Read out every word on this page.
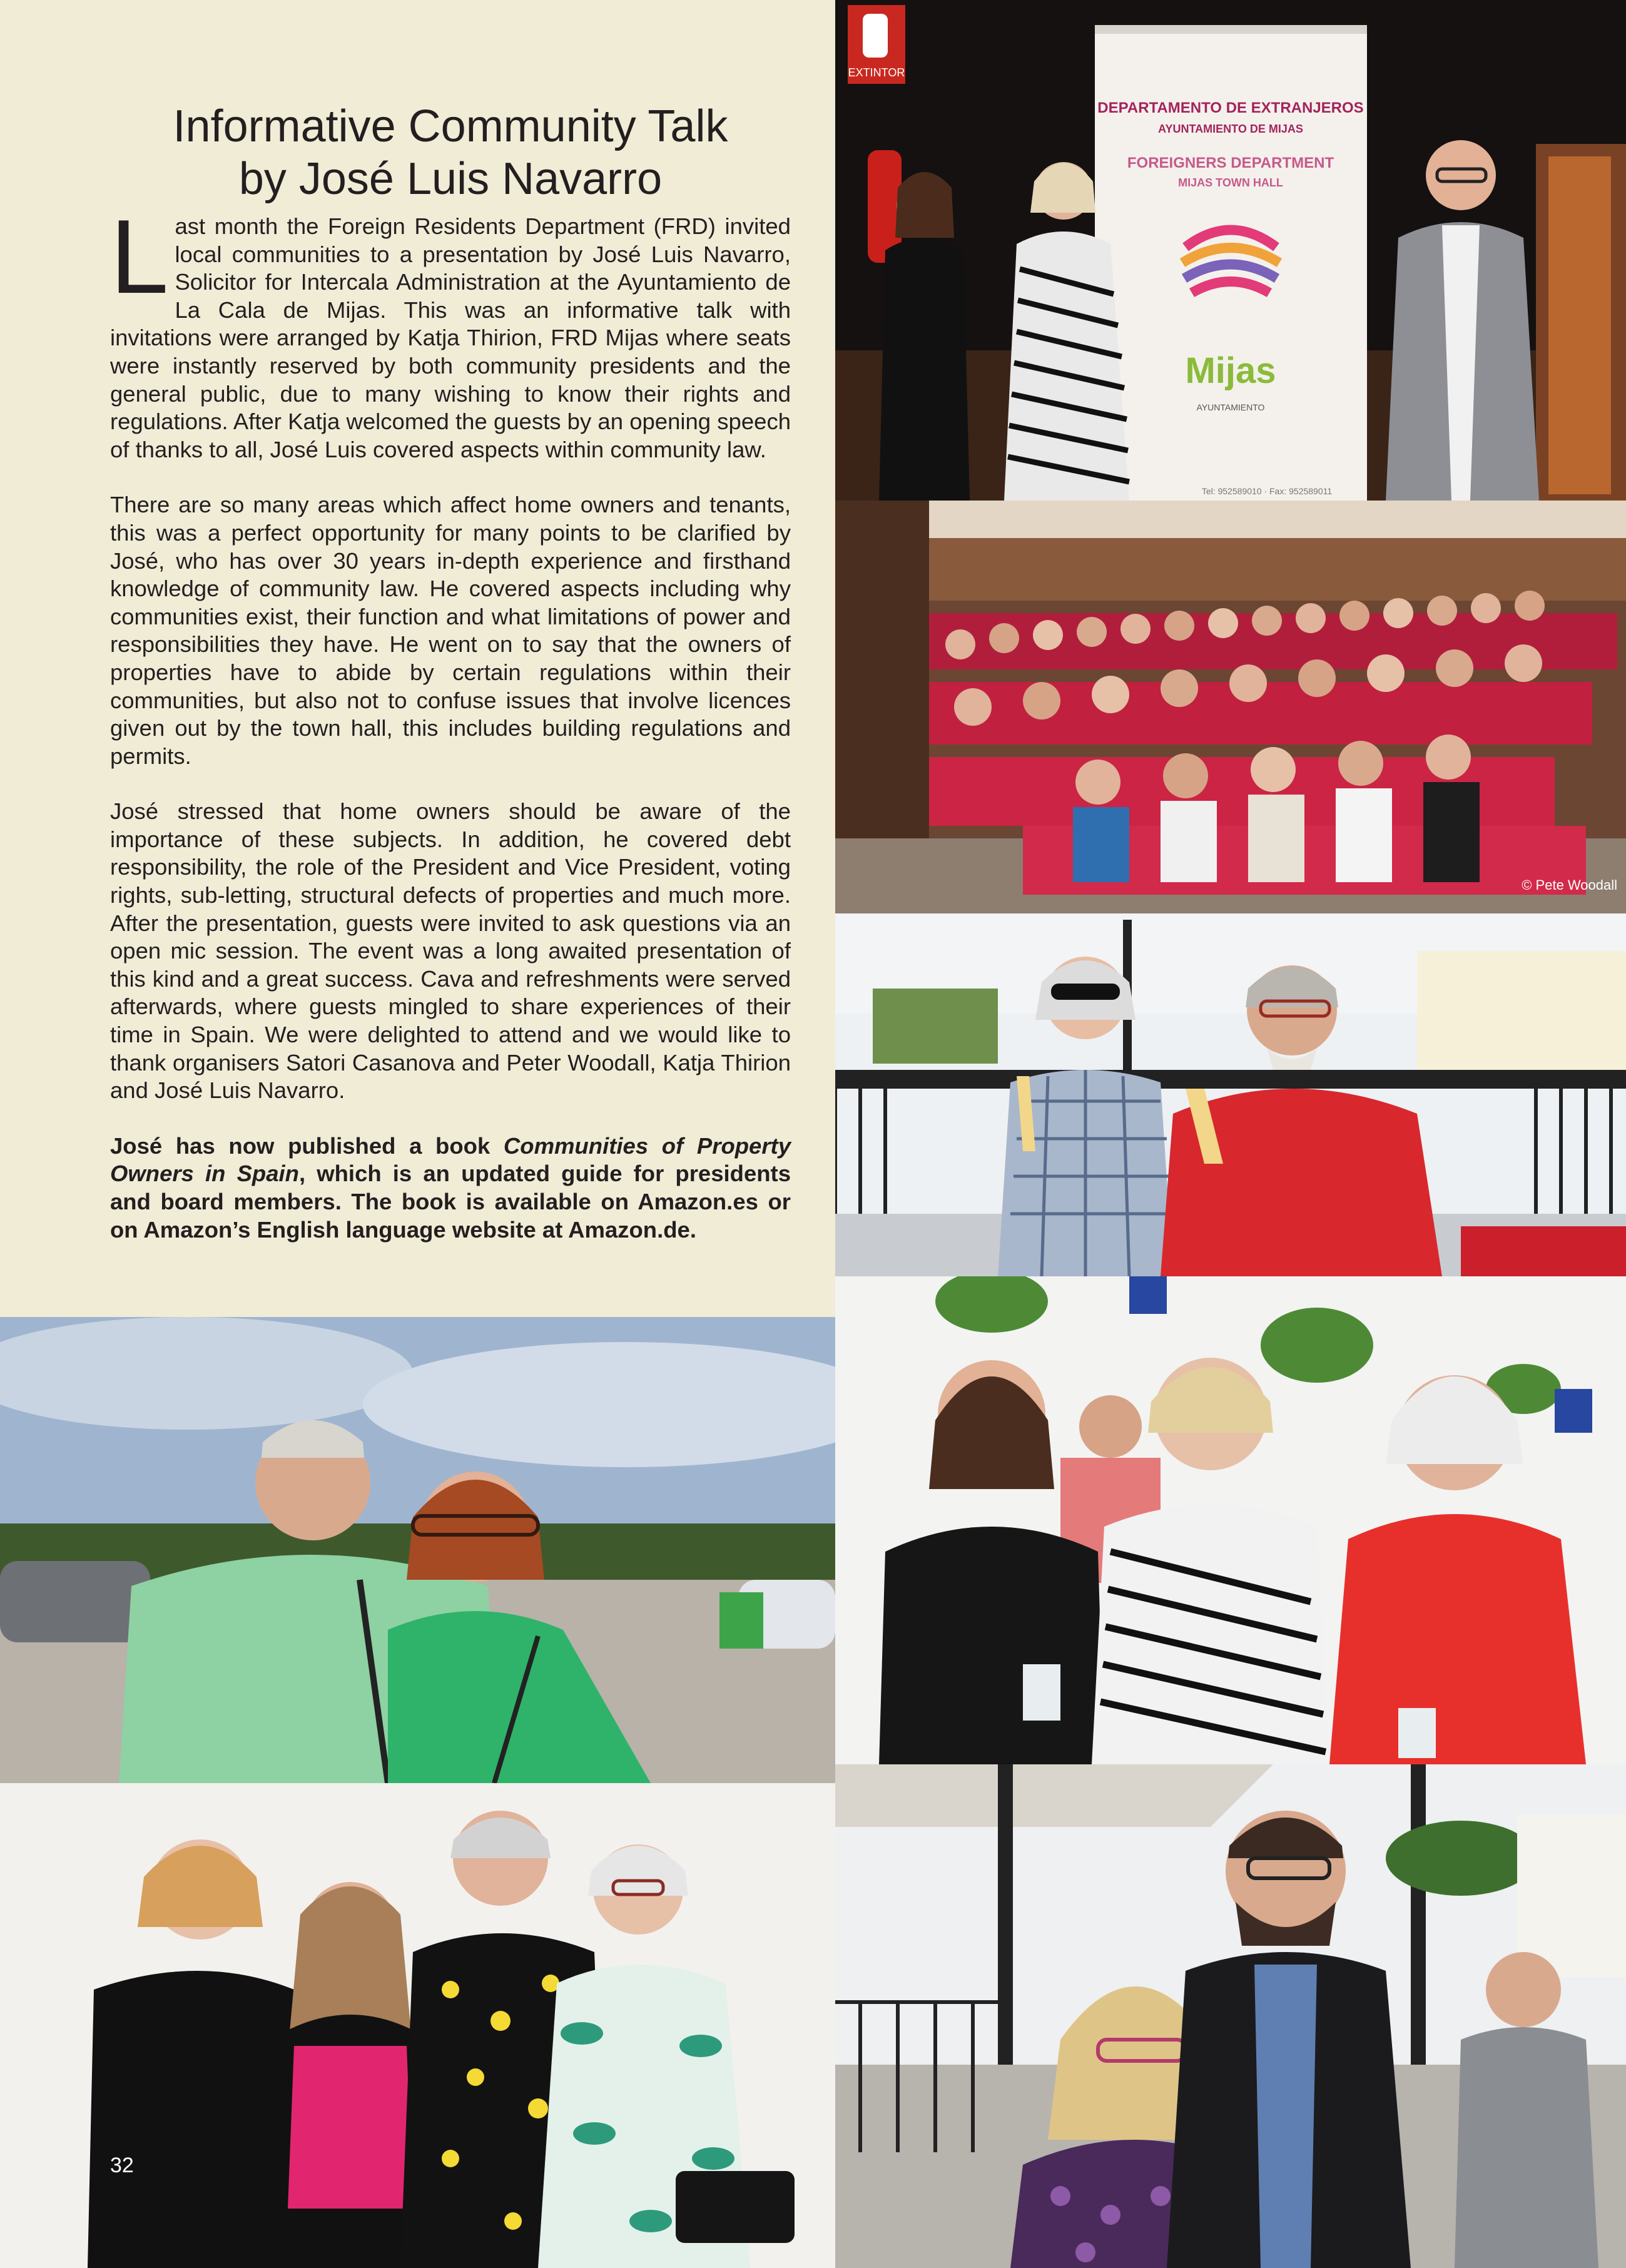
Informative Community Talk
by José Luis Navarro

Last month the Foreign Residents Department (FRD) invited local communities to a presentation by José Luis Navarro, Solicitor for Intercala Administration at the Ayuntamiento de La Cala de Mijas. This was an informative talk with invitations were arranged by Katja Thirion, FRD Mijas where seats were instantly reserved by both community presidents and the general public, due to many wishing to know their rights and regulations. After Katja welcomed the guests by an opening speech of thanks to all, José Luis covered aspects within community law.

There are so many areas which affect home owners and tenants, this was a perfect opportunity for many points to be clarified by José, who has over 30 years in-depth experience and firsthand knowledge of community law. He covered aspects including why communities exist, their function and what limitations of power and responsibilities they have. He went on to say that the owners of properties have to abide by certain regulations within their communities, but also not to confuse issues that involve licences given out by the town hall, this includes building regulations and permits.

José stressed that home owners should be aware of the importance of these subjects. In addition, he covered debt responsibility, the role of the President and Vice President, voting rights, sub-letting, structural defects of properties and much more. After the presentation, guests were invited to ask questions via an open mic session. The event was a long awaited presentation of this kind and a great success. Cava and refreshments were served afterwards, where guests mingled to share experiences of their time in Spain. We were delighted to attend and we would like to thank organisers Satori Casanova and Peter Woodall, Katja Thirion and José Luis Navarro.

José has now published a book Communities of Property Owners in Spain, which is an updated guide for presidents and board members. The book is available on Amazon.es or on Amazon’s English language website at Amazon.de.

EXTINTOR
DEPARTAMENTO DE EXTRANJEROS
AYUNTAMIENTO DE MIJAS
FOREIGNERS DEPARTMENT
MIJAS TOWN HALL
Mijas
AYUNTAMIENTO
Tel: 952589010 · Fax: 952589011
© Pete Woodall
32
